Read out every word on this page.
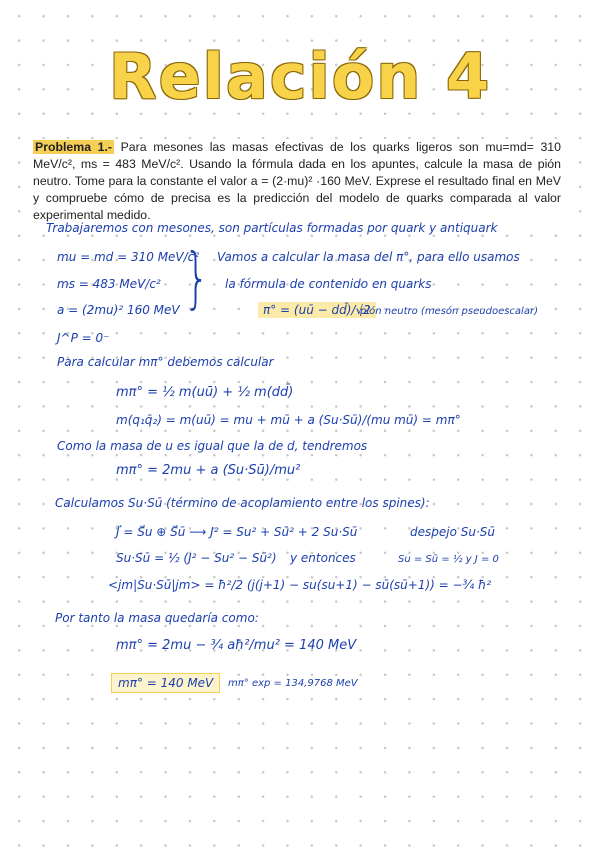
Relación 4
Problema 1.- Para mesones las masas efectivas de los quarks ligeros son mu=md= 310 MeV/c², ms = 483 MeV/c². Usando la fórmula dada en los apuntes, calcule la masa de pión neutro. Tome para la constante el valor a = (2·mu)² ·160 MeV. Exprese el resultado final en MeV y compruebe cómo de precisa es la predicción del modelo de quarks comparada al valor experimental medido.
Trabajaremos con mesones, son partículas formadas por quark y antiquark
mu = md = 310 MeV/c²
ms = 483 MeV/c²
a = (2mu)² 160 MeV } Vamos a calcular la masa del π°, para ello usamos
la fórmula de contenido en quarks
π° = (uū − dd̄)/√2
pión neutro (mesón pseudoescalar)
J^P = 0⁻
Para calcular mπ° debemos calcular
mπ° = ½ m(uū) + ½ m(dd̄)
m(q₁q̄₂) = m(uū) = mu + mū + a (Su·Sū)/(mu mū) = mπ°
Como la masa de u es igual que la de d, tendremos
mπ° = 2mu + a (Su·Sū)/mu²
Calculamos Su·Sū (término de acoplamiento entre los spines):
J⃗ = S⃗u ⊕ S⃗ū ⟶ J² = Su² + Sū² + 2 Su·Sū	despejo Su·Sū
Su·Sū = ½ (J² − Su² − Sū²) y entonces	Su = Sū = ½ y J = 0
<jm|Su·Sū|jm> = ħ²/2 (j(j+1) − su(su+1) − sū(sū+1)) = −¾ ħ²
Por tanto la masa quedaría como:
mπ° = 2mu − ¾ aħ²/mu² = 140 MeV
mπ° = 140 MeV	mπ° exp = 134,9768 MeV
